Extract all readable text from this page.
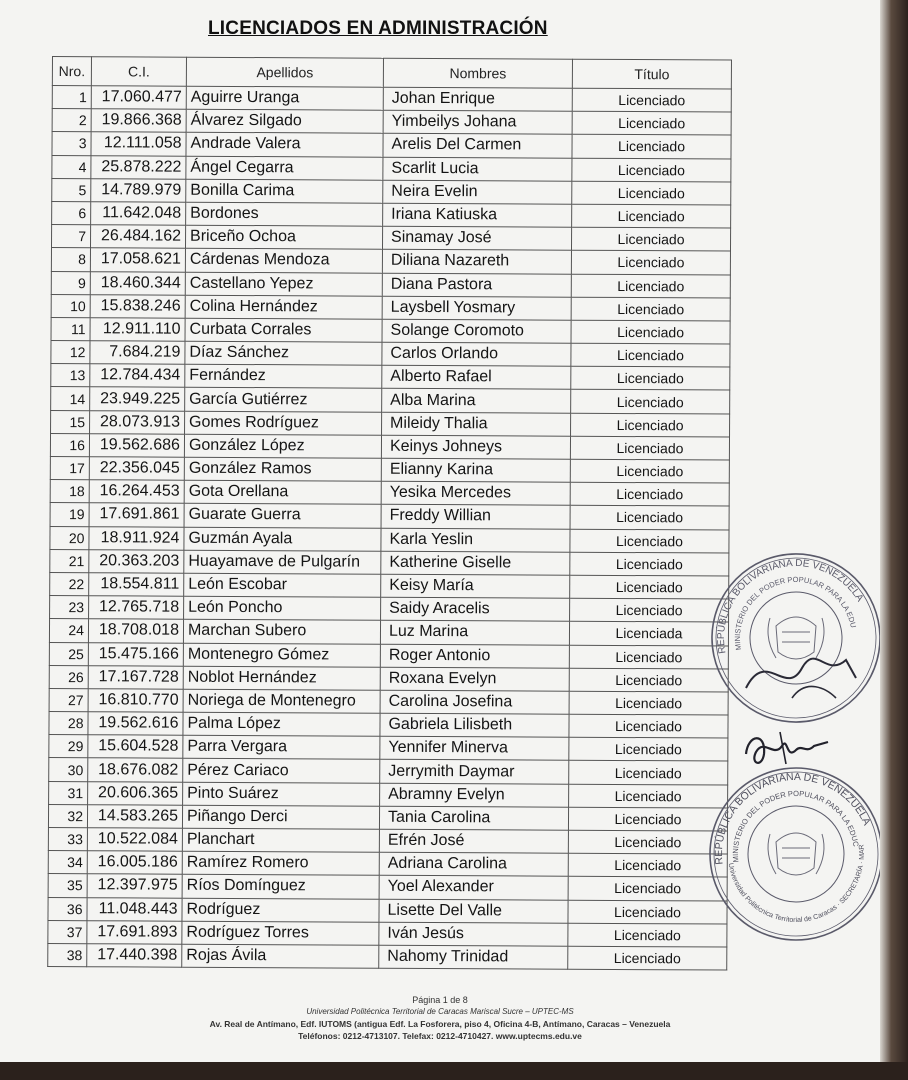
LICENCIADOS EN ADMINISTRACIÓN
Nro.	C.I.	Apellidos	Nombres	Título
1	17.060.477	Aguirre Uranga	Johan Enrique	Licenciado
2	19.866.368	Álvarez Silgado	Yimbeilys Johana	Licenciado
3	12.111.058	Andrade Valera	Arelis Del Carmen	Licenciado
4	25.878.222	Ángel Cegarra	Scarlit Lucia	Licenciado
5	14.789.979	Bonilla Carima	Neira Evelin	Licenciado
6	11.642.048	Bordones	Iriana Katiuska	Licenciado
7	26.484.162	Briceño Ochoa	Sinamay José	Licenciado
8	17.058.621	Cárdenas Mendoza	Diliana Nazareth	Licenciado
9	18.460.344	Castellano Yepez	Diana Pastora	Licenciado
10	15.838.246	Colina Hernández	Laysbell Yosmary	Licenciado
11	12.911.110	Curbata Corrales	Solange Coromoto	Licenciado
12	7.684.219	Díaz Sánchez	Carlos Orlando	Licenciado
13	12.784.434	Fernández	Alberto Rafael	Licenciado
14	23.949.225	García Gutiérrez	Alba Marina	Licenciado
15	28.073.913	Gomes Rodríguez	Mileidy Thalia	Licenciado
16	19.562.686	González López	Keinys Johneys	Licenciado
17	22.356.045	González Ramos	Elianny Karina	Licenciado
18	16.264.453	Gota Orellana	Yesika Mercedes	Licenciado
19	17.691.861	Guarate Guerra	Freddy Willian	Licenciado
20	18.911.924	Guzmán Ayala	Karla Yeslin	Licenciado
21	20.363.203	Huayamave de Pulgarín	Katherine Giselle	Licenciado
22	18.554.811	León Escobar	Keisy María	Licenciado
23	12.765.718	León Poncho	Saidy Aracelis	Licenciado
24	18.708.018	Marchan Subero	Luz Marina	Licenciada
25	15.475.166	Montenegro Gómez	Roger Antonio	Licenciado
26	17.167.728	Noblot Hernández	Roxana Evelyn	Licenciado
27	16.810.770	Noriega de Montenegro	Carolina Josefina	Licenciado
28	19.562.616	Palma López	Gabriela Lilisbeth	Licenciado
29	15.604.528	Parra Vergara	Yennifer Minerva	Licenciado
30	18.676.082	Pérez Cariaco	Jerrymith Daymar	Licenciado
31	20.606.365	Pinto Suárez	Abramny Evelyn	Licenciado
32	14.583.265	Piñango Derci	Tania Carolina	Licenciado
33	10.522.084	Planchart	Efrén José	Licenciado
34	16.005.186	Ramírez Romero	Adriana Carolina	Licenciado
35	12.397.975	Ríos Domínguez	Yoel Alexander	Licenciado
36	11.048.443	Rodríguez	Lisette Del Valle	Licenciado
37	17.691.893	Rodríguez Torres	Iván Jesús	Licenciado
38	17.440.398	Rojas Ávila	Nahomy Trinidad	Licenciado
REPÚBLICA BOLIVARIANA DE VENEZUELA
MINISTERIO DEL PODER POPULAR PARA LA EDUCACIÓN
REPÚBLICA BOLIVARIANA DE VENEZUELA
MINISTERIO DEL PODER POPULAR PARA LA EDUCACIÓN
Universidad Politécnica Territorial de Caracas · SECRETARÍA · MARISCAL
Página 1 de 8
Universidad Politécnica Territorial de Caracas Mariscal Sucre – UPTEC-MS
Av. Real de Antímano, Edf. IUTOMS (antigua Edf. La Fosforera, piso 4, Oficina 4-B, Antímano, Caracas – Venezuela
Teléfonos: 0212-4713107. Telefax: 0212-4710427. www.uptecms.edu.ve
